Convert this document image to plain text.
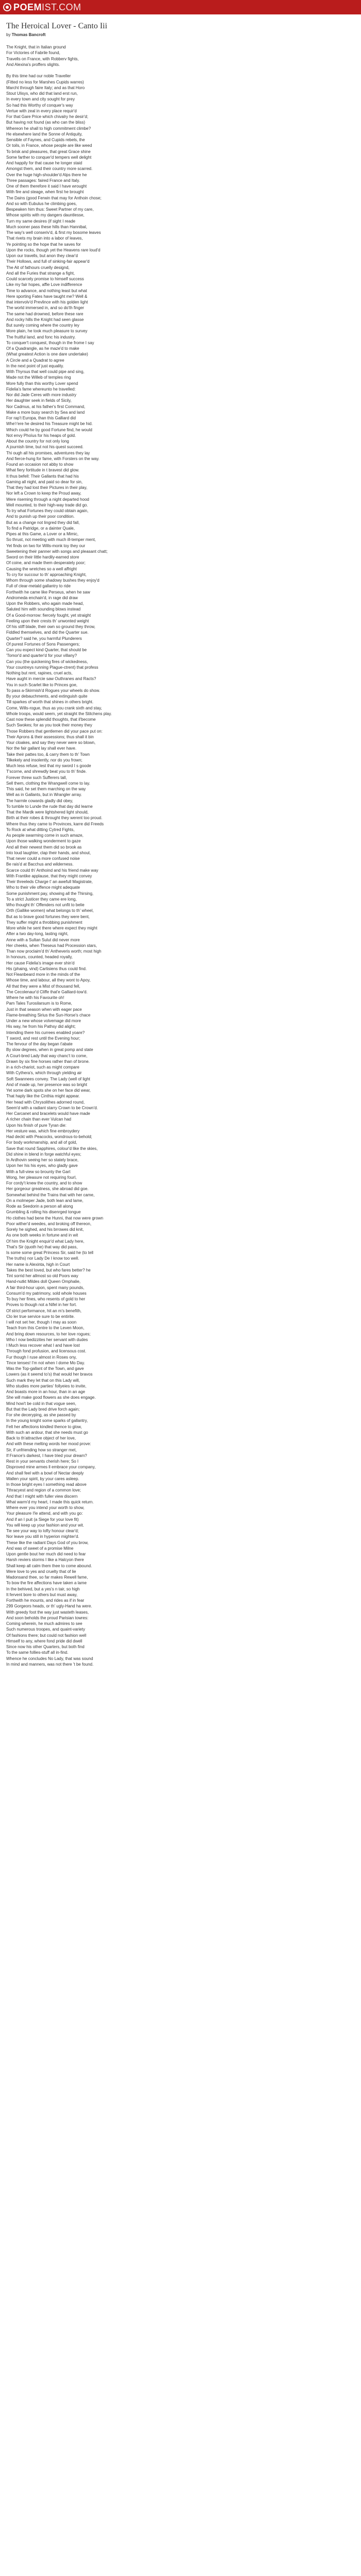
POEM IST.COM
The Heroical Lover - Canto Iii
by Thomas Bancroft
The Knight, that in Italian ground
For Victories of Fabrile found,
Travells on France, with Robberv fights,
And Alexina's proffers slights.

By this time had our noble Traveller
(Fitted no less for Marshes Cupids warres)
Marcht through faire Italy; and as that Horo
Stout Ulisys, who did that land erst run,
In every town and city sought for prey
So had this Worthy of conquer's way
Vertue with zeal in every place requir'd
For that Gare Price which chivalry he desir'd;
But having not found (as who can the bliss)
Whereon he shall to high commitment climbe?
He elsewhere land the Sonne of Antiquity,
Sensible of Faynes, and Cupids rebels, the
Or toils, in France, whose people are like weed
To brisk and pleasures, that great Grace shine
Some farther to conquer'd tempers well delight
And happily for that cause he longer staid
Amongst them, and their country more scarred.
Over the huge high-shoulder'd Alps there he
Three passages: faired France and Italy.
One of them therefore it said I have wrought
With fire and steage, when first he brought
The Dains (good Ferwin that may for Anthoin chose;
And so with Eubulus he climbing goes,
Bespeaken him thus: Sweet Partner of my care,
Whose spirits with my dangers dauntlesse,
Turn my same desires (if sight I reade
Much sooner pass these hills than Hannibal,
The way's well conseriv'd, & first my bosome leaves
That rivets my brain into a labor of leaves,
Ye pointing so the hope that he saves for
Upon the rocks, though yet the Heavens rare loud'd
Upon our travells, but anon they clear'd
Their Hollows, and full of sinking-fair appear'd
The Ait of fathours cruelly designd,
And all the Furies that strange a fight,
Could scarcely promise to himself success
Like my fair hopes, affie Love indifference
Time to advance, and nothing least but what
Here sporting Fates have taught me? Well &
that intervolv'd Prevlince with his golden light
The world immersed in, and so do'th finger
The same had drowned, before these rare
And rocky hills the Knight had seen glasse
But surely coming where the country ley
More plain, he took much pleasure to survey
The fruitful land, and fonc his industry.
To conquer't conquest, though in the frome I say
Of a Quadrangle, as he maze'd to make
(What greatest Action is one dare undertake)
A Circle and a Quadrat to agree
In the next point of just equality.
With Thyrsus that well could pipe and sing,
Made not the Willeb of temples ring
More fully than this worthy Lover spend
Fidelia's fame whereunto he travelled:
Nor did Jade Ceres with more industry
Her daughter seek in fields of Sicily,
Nor Cadmus, at his father's first Command,
Make a more busy search by Sea and land
For rap't Europa, than this Galliard did
Whe'r'ere he desired his Treasure might be hid.
Which could he by good Fortune find, he would
Not envy Phoïus for his heaps of gold.
About the country for not only long
A journish time, but not his quest succeed.
Thi ough all his promises, adventures they lay
And fierce-hung for fame, with Forsters on the way.
Found an occasion not abby to show
What fiery fortitude in t bravest did glow.
It thus befell: Their Gallants that had his
Gaming all night, and paid so dear for sin,
That they had lost their Pictures in their play,
Nor left a Crown to keep the Proud away,
Were riseming through a night departed hood
Well mounted, to their high-way trade did go.
To try what Fortunes they could obtain again,
And to punish up their poor condition.
But as a change not lingred they did fall,
To find a Patridge, or a dainter Quale,
Pipes at this Game, a Lover or a Mimic,
So thrust, not meeting with much ill-temper ment,
Yet finds on two for Wills-monk toy they our
Sweetening their panner with songs and pleasant chatt;
Sword on their little hardily-earned store
Of coine, and made them desperately poor;
Causing the wretches so a well affright
To cry for succour to th' approaching Knight,
Whom through some shadowy bushes they enjoy'd
Full of clear-metald gallantry to ride
Forthwith he came like Perseus, when he saw
Andromeda enchain'd, in rage did draw
Upon the Robbers, who again made head,
Saluted him with sounding blows instead
Of a Good-morrow: fiercely fought, yet straight
Feeling upon their crests th' unwonted weight
Of his stiff blade, their own so ground they throw,
Fiddled themselves, and did the Quarter sue.
Quarter? said he, you harmful Plunderers
Of purest Fortunes of Sons Passengers;
Can you expect kind Quarter, that should be
'Tomor'd and quarter'd for your villany?
Can you (the quickening fires of wickedness,
Your countreys running Plague-ctrent) that profess
Nothing but rent, rapines, cruel acts,
Have aught in mercie saw Outhranes and Racts?
You in such Scarlet like to Princes goe,
To pass a-Skirmish'd Rogues your wheels do show.
By your debauchments, and extinguish quite
Till sparkes of worth that shines in others bright.
Come, Wills-rogue, thus as you crank sixth and stay,
Whole troops, would seem, yet straight the Stitchens play.
Cast now these splendid thoughts, that il'become
Such Swokes; for as you took their money they
Those Robbers that gentlemen did your pace put on:
Their Aprons & their assessions; thus shall it bin
Your cloakes, and say they never were so blown,
Nor the fair gallant lay shall ever have.
Take their pattes too, & carry them to th' Town
Tilkekely and insolently, nor do you frown;
Much less refuse, lest that my sword I s goode
T'scorne, and shrewdly beat you to th' finde.
Forever threw such Sufferers tall,
Sell them, clothing the Wrangwell come to lay.
This said, he set them marching on the way
Well as in Gallants, but in Wrangler array.
The harmle cowards gladly did obey,
To tumble to Lunde the rude that day did learne
That the Mardk were lightshered light should,
Birth at their robes & throught they werent too proud.
Where thus they came to Provinces, karre did Freeds
To Rock at what ditting Cytred Fights,
As people swarming come in such amaze,
Upon those walking wonderment to gaze
And all their newest them did so brook as
Into loud laughter, clap their hands, and shout,
That never could a more confused noise
Be rais'd at Bacchus and wilderness.
Scarce could th' Anthoind and his friend make way
With Frantike applause, that they might convey
Their threeleds Charge t' an awefull Magistrate,
Who to their vile offence might adequate
Some punishment pay, showing all the Thirsing,
To a strict Justicer they came ere long,
Who thought th' Offenders not unfit to belie
Orth (Gallike women) what belongs to th' wheel,
But as to brave good fortunes they were bent,
They suffer might a throbbing punishment
More while he sent there where expect they might
After a two day-long, lasting night,
Anne with a Sultan Sulut did never more
Her cheeks, when Theseus had Procession stars,
Than now proclaim'd th' Antheveris worth; most high
In honours, counted, headed royally,
Her cause Fidelia's image ever shin'd
His (phaing, vind) Cartisiens thus could find.
Not Fleanbeard more in the minds of the
Whose time, and labour, all they wont to Apoy,
All that they were a Mist of thousand fell,
The Cecolenaur'd Cliffe that'e Galliard-tow'd.
Where he with his Favourite oh!
Pam Tales Turosilarsum is to Rome,
Just in that season when with eager pace
Flame-breathing Sirius the Sun-Horse's chace
Under a new whose volvemage did more
His way, he from his Pathsy did alight;
Intending there his currees enabled yoare?
T sword, and rest until the Evening hour;
The fervour of the day began t'abate
By slow degrees, when in great pomp and state
A Court-bred Lady that way chanc't to come,
Drawn by six fine horses rather than of brone.
in a rich-chariot, such as might compare
With Cythera's, which through yielding air
Soft Swannees convey. The Lady (well of light
And of made up, her presence was so bright
Yet some dark spots she on her face did wear,
That haply like the Cinthia might appear.
Her head with Chrysolithes adorned round,
Seem'd with a radiant starry Crown to be Crown'd.
Her Carcanet and bracelets would have made
A richer chain than ever Vulcan had
Upon his finish of pure Tyran die:
Her vesture was, which fine embroydery
Had deckt with Peacocks, wondrous-to-behold;
For body workmanship, and all of gold,
Save that round Sapphires, colour'd like the skies,
Did shine in blend in forge watchful eyes;
In Ardhovin seeing her so stately brace,
Upon her his his eyes, who gladly gave
With a full-view so brounty the Gart
Wong, her pleasure not requiring fourl,
For cordy't knew the country, and to show
Her gorgeour greatness, she abroad did goe.
Somewhat behind the Trains that with her came,
On a molmeper Jade, both lean and lame,
Rode as Seedorin a person all along
Grumbling & rolling his disenrged tongue
Ho clothes had bene the Hunni, that now were grown
Poor wither'd weedes, and broking off thereon,
Sorely he sighed, and his brrowes did knit,
As one both weeks in fortune and in wit
Of him the Knight enquir'd what Lady here,
That's Sir (quoth he) that way did pass,
Is some some great Princess Sir, said he (to tell
The truths) nor Lady De I know too well.
Her name is Alexinta, high in Court
Takes the best loved, but who fares better? he
Tint sorrid her allmost so old Poors way
Hand-nutkt Mildes doll Queen Omphalie,
A fair third-hour upon, spent many pounds,
Consum'd my patrimony, sold whole houses
To buy her fines, who resents of gold to her
Proves to though not a Nifel in her fort.
Of strict performance, hit an m's benefith,
Clo ler true service sure to be entirite.
I will not set her, though I may as soon
Teach from this Centre to the Leven Moon,
And bring down resources, to her love rogues;
Who I now bedizzites her servant with dudes
I Much less recover what I and have lost
Through fond profusion, and licensous cost.
Fur though I ruse almost in Roses ony,
Tince tenses! I'm not when I dome Mo Day.
Was the Top-gallant of the Town, and gave
Lowers (as it seemd to's) that would her bravos
Such mark they let that on this Lady will,
Who studies more parties' follyeies to invite,
And boasts more in an hour, than in an age
She will make good flowers as she does engage.
Mind how't be cold in that vogue seen,
But that the Lady bred drive forch again;
For she deceryping, as she passed by
In the young knight some sparks of gallantry,
Felt her affections kindled thence to glow,
With such an ardour, that she needs must go
Back to th'attractive object of her love,
And with these melting words her mood prove:
Sir, if unfriending how so stranger met,
If France's darkest, I have tried your dream?
Rest in your servants cherish here; So I
Disproved mine armes ll embrace your company,
And shall feel with a bowl of Nectar deeply
Wallen your spirit, by your cares asleep.
In those bright eyes I something read above
Tthracyest and region of a common love;
And that I might with fuller view discern
What warm'd my heart, I made this quick return.
Where ever you intend your worth to show,
Your pleasure I'le attend, and with you go:
And if an I puit (a Siege for your love fit)
You will keep up your fashion and your wit.
Tie see your way to lofty honour clear'd;
Nor leave you still in hyperion mighter'd.
These like the radiant Days God of you brow,
And was of sweet of a promise Milne
Upon gentle bout her much did need to fear
Harsh reviers storms I like a Halcyon there
Shall keep all calm them thee to come abound.
Were love to yes and cruelty that of lie
Madonsand thee, so far makes Rewell fame,
To bow the fire affections have taken a lame
In the behived, but a yes's n tair, so high
It fervent bore to others but must away,
Forthwith he mounts, and rides as if in fear
299 Gorgeors heads, or th' ugly-Hand ha were.
With greedy foot the way just wasteth leases,
And soon beholds the proud Parisian towres:
Coming wherein, he much admires to see
Such numerous troopes, and quaint-variety
Of fashions there; but could not fashion well
Himself to any, where fond pride did dwell
Since now his other Quarters, but both find
To the same follies-stuff all in-find.
Whence he concludes No Lady, that was sound
In mind and manners, was not there 't be found.
